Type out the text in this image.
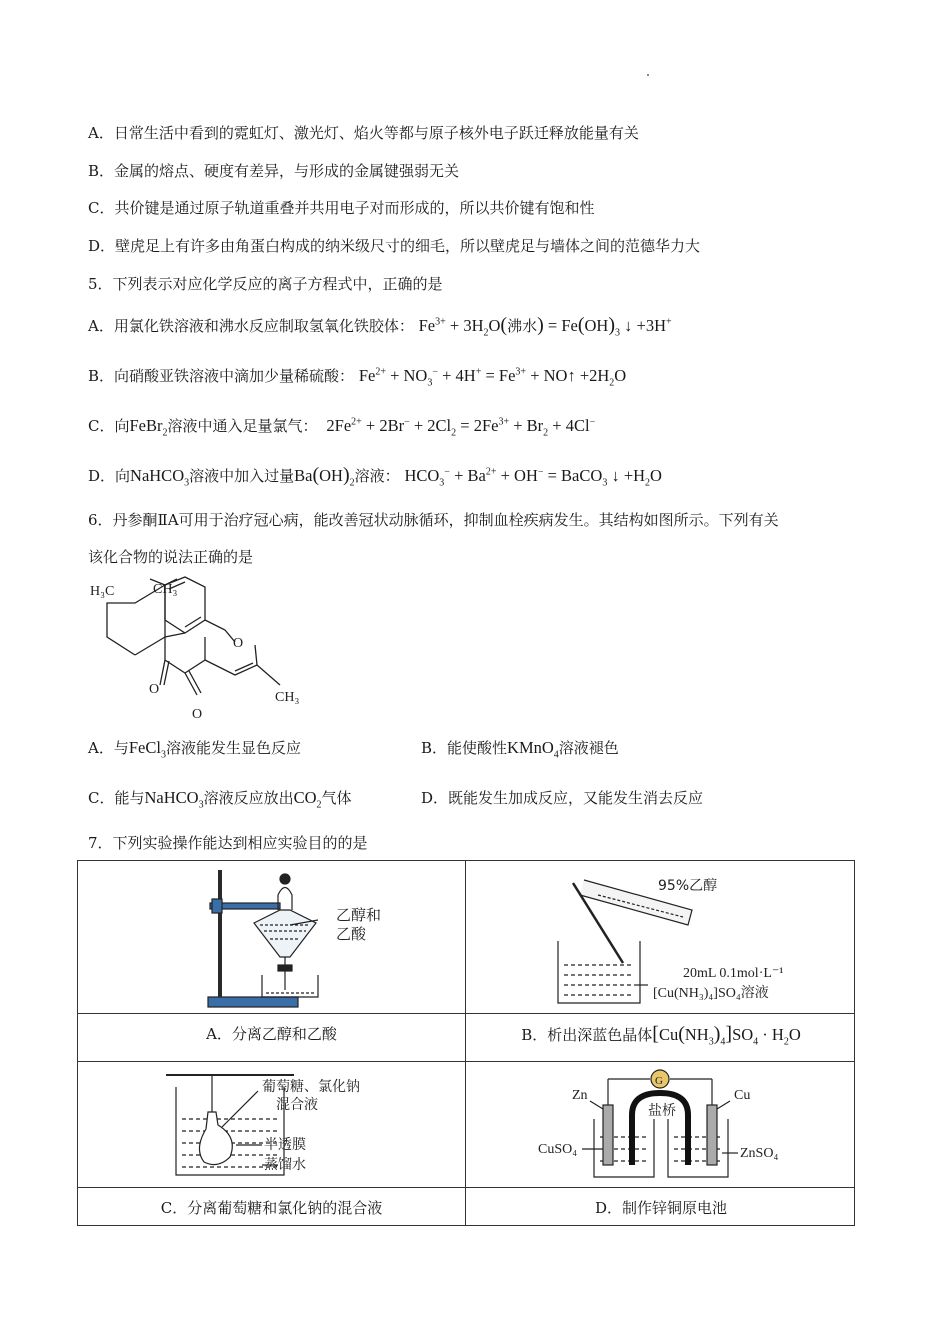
A．日常生活中看到的霓虹灯、激光灯、焰火等都与原子核外电子跃迁释放能量有关
B．金属的熔点、硬度有差异，与形成的金属键强弱无关
C．共价键是通过原子轨道重叠并共用电子对而形成的，所以共价键有饱和性
D．壁虎足上有许多由角蛋白构成的纳米级尺寸的细毛，所以壁虎足与墙体之间的范德华力大
5．下列表示对应化学反应的离子方程式中，正确的是
A．用氯化铁溶液和沸水反应制取氢氧化铁胶体： $Fe^{3+} + 3H_2O$(沸水) = $Fe(OH)_3$ ↓ +3H+
B．向硝酸亚铁溶液中滴加少量稀硫酸： $Fe^{2+} + NO_3^- + 4H^+ = Fe^{3+}$ + NO↑ $+2H_2O$
C．向FeBr$_2$溶液中通入足量氯气：  $2Fe^{2+} + 2Br^- + 2Cl_2 = 2Fe^{3+} + Br_2 + 4Cl^-$
D．向NaHCO$_3$溶液中加入过量$Ba(OH)_2$溶液： $HCO_3^- + Ba^{2+} + OH^-$ = BaCO$_3$ ↓ $+H_2O$
6．丹参酮ⅡA可用于治疗冠心病，能改善冠状动脉循环，抑制血栓疾病发生。其结构如图所示。下列有关
该化合物的说法正确的是
H₃C	CH₃
O
O
O
CH₃
A．与FeCl$_3$溶液能发生显色反应	B．能使酸性KMnO$_4$溶液褪色
C．能与NaHCO$_3$溶液反应放出$CO_2$气体	D．既能发生加成反应，又能发生消去反应
7．下列实验操作能达到相应实验目的的是
乙醇和乙酸
95%乙醇
20mL 0.1mol·L⁻¹
[Cu(NH₃)₄]SO₄溶液
A．分离乙醇和乙酸	B．析出深蓝色晶体$[Cu(NH_3)_4]SO_4 \cdot H_2O$
葡萄糖、氯化钠
混合液
半透膜
蒸馏水
G
Zn	Cu
盐桥
CuSO₄	ZnSO₄
C．分离葡萄糖和氯化钠的混合液	D．制作锌铜原电池
